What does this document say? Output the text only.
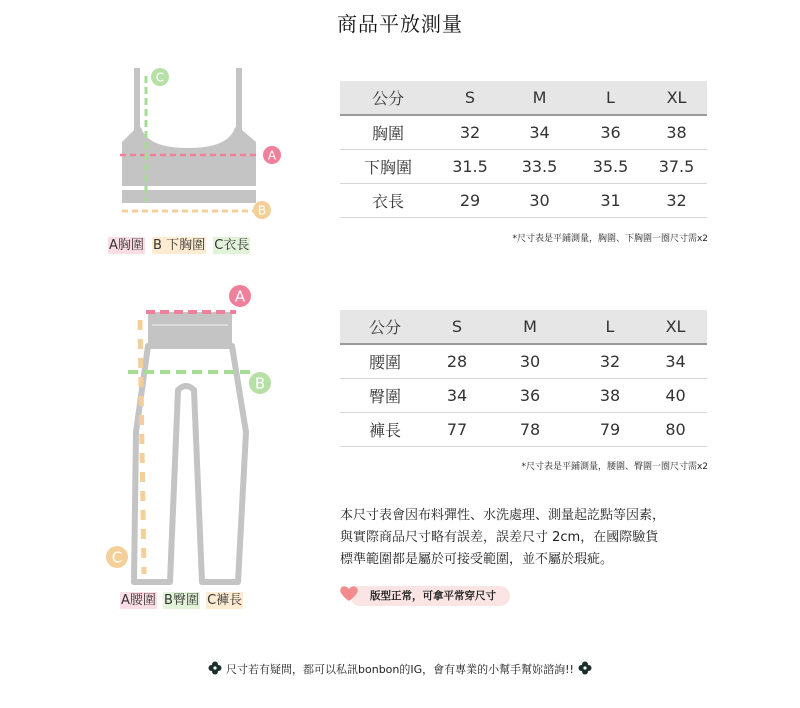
商品平放測量
C
A
B
A胸圍 B 下胸圍 C衣長
公分	S	M	L	XL
胸圍	32	34	36	38
下胸圍	31.5	33.5	35.5	37.5
衣長	29	30	31	32
*尺寸表是平鋪測量，胸圍、下胸圍一圈尺寸需x2
A
B
C
A腰圍 B臀圍 C褲長
公分	S	M	L	XL
腰圍	28	30	32	34
臀圍	34	36	38	40
褲長	77	78	79	80
*尺寸表是平鋪測量，腰圍、臀圍一圈尺寸需x2
本尺寸表會因布料彈性、水洗處理、測量起訖點等因素，
與實際商品尺寸略有誤差，誤差尺寸 2cm，在國際驗貨
標準範圍都是屬於可接受範圍，並不屬於瑕疵。
版型正常，可拿平常穿尺寸
尺寸若有疑問，都可以私訊bonbon的IG，會有專業的小幫手幫妳諮詢!!
